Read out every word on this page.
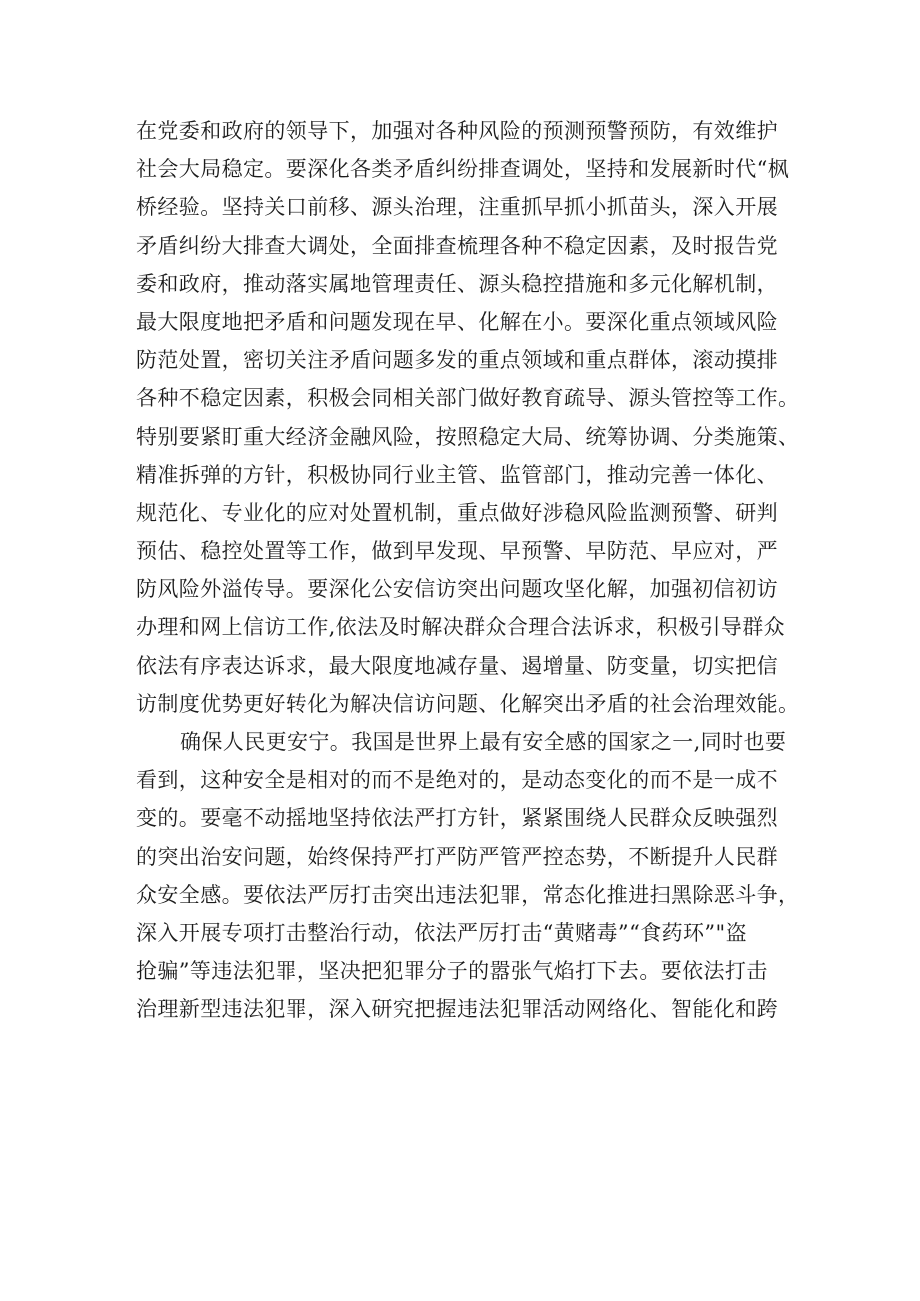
在党委和政府的领导下，加强对各种风险的预测预警预防，有效维护
社会大局稳定。要深化各类矛盾纠纷排查调处，坚持和发展新时代“枫
桥经验。坚持关口前移、源头治理，注重抓早抓小抓苗头，深入开展
矛盾纠纷大排查大调处，全面排查梳理各种不稳定因素，及时报告党
委和政府，推动落实属地管理责任、源头稳控措施和多元化解机制，
最大限度地把矛盾和问题发现在早、化解在小。要深化重点领域风险
防范处置，密切关注矛盾问题多发的重点领域和重点群体，滚动摸排
各种不稳定因素，积极会同相关部门做好教育疏导、源头管控等工作。
特别要紧盯重大经济金融风险，按照稳定大局、统筹协调、分类施策、
精准拆弹的方针，积极协同行业主管、监管部门，推动完善一体化、
规范化、专业化的应对处置机制，重点做好涉稳风险监测预警、研判
预估、稳控处置等工作，做到早发现、早预警、早防范、早应对，严
防风险外溢传导。要深化公安信访突出问题攻坚化解，加强初信初访
办理和网上信访工作,依法及时解决群众合理合法诉求，积极引导群众
依法有序表达诉求，最大限度地减存量、遏增量、防变量，切实把信
访制度优势更好转化为解决信访问题、化解突出矛盾的社会治理效能。
确保人民更安宁。我国是世界上最有安全感的国家之一,同时也要
看到，这种安全是相对的而不是绝对的，是动态变化的而不是一成不
变的。要毫不动摇地坚持依法严打方针，紧紧围绕人民群众反映强烈
的突出治安问题，始终保持严打严防严管严控态势，不断提升人民群
众安全感。要依法严厉打击突出违法犯罪，常态化推进扫黑除恶斗争，
深入开展专项打击整治行动，依法严厉打击“黄赌毒”“食药环”"盗
抢骗”等违法犯罪，坚决把犯罪分子的嚣张气焰打下去。要依法打击
治理新型违法犯罪，深入研究把握违法犯罪活动网络化、智能化和跨
